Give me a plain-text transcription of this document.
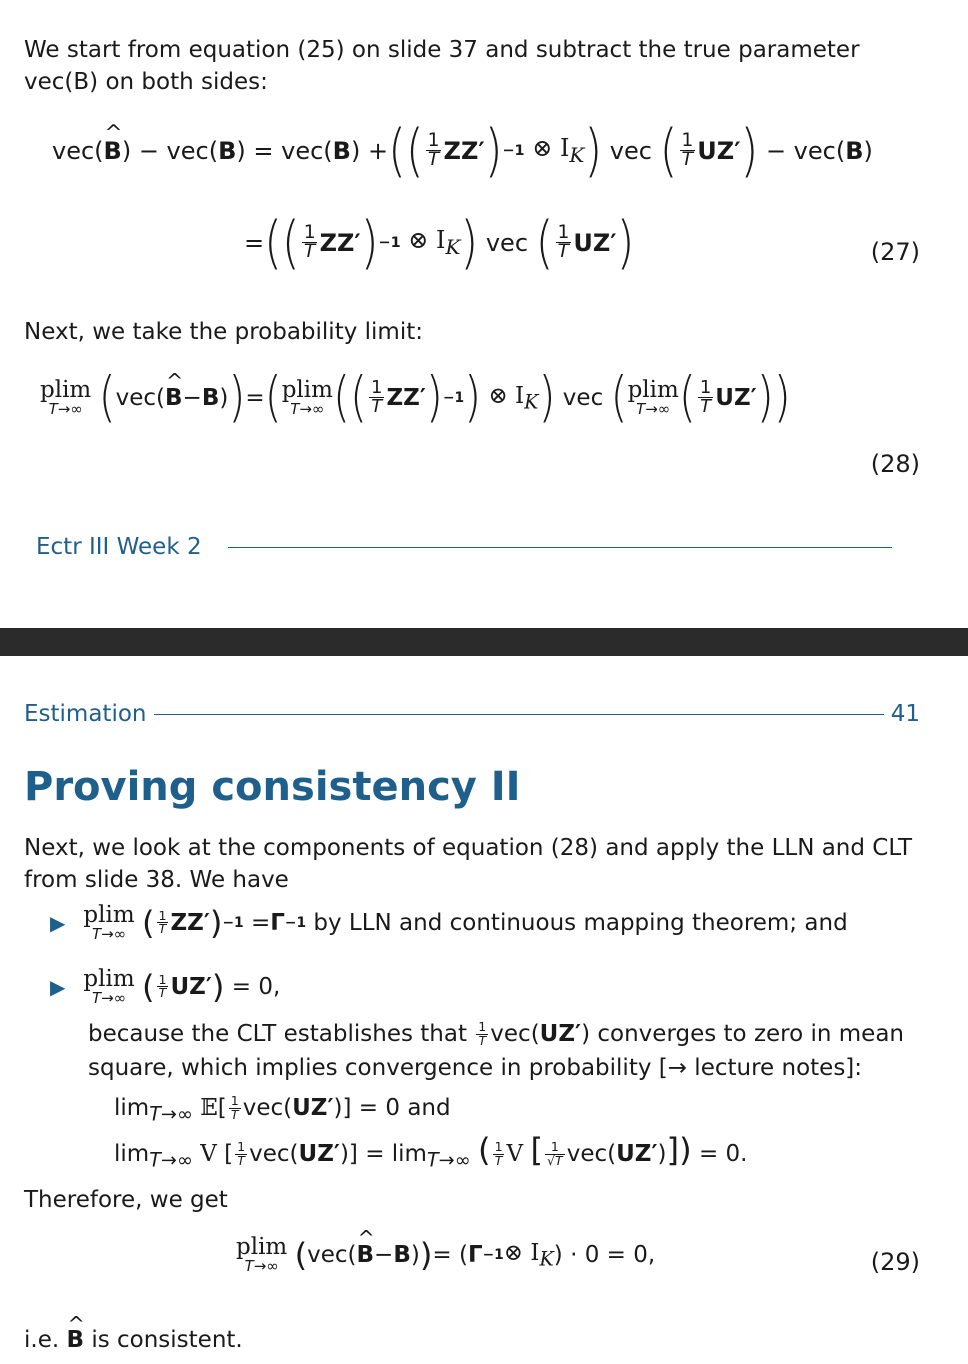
We start from equation (25) on slide 37 and subtract the true parameter
vec(B) on both sides:
vec( ^ B ) − vec( B ) = vec( B ) + (( $\frac{1}{T} ZZ'$ ) −1
⊗ $I_K$ ) vec ( $\frac{1}{T} UZ'$ ) − vec( B )
= (( $\frac{1}{T} ZZ'$ ) −1
⊗ $I_K$ ) vec ( $\frac{1}{T} UZ'$ )	(27)
Next, we take the probability limit:
plim
T→∞
( vec( ^ B − B ) ) = ( plim
T→∞ (( $\frac{1}{T} ZZ'$ ) −1 )
⊗ $I_K$ ) vec ( plim
T→∞ ( $\frac{1}{T} UZ'$ ))
(28)
Ectr III Week 2
Estimation	41
Proving consistency II
Next, we look at the components of equation (28) and apply the LLN and CLT
from slide 38. We have
▶ plim
T→∞
( $\frac{1}{T} ZZ'$ ) −1 = Γ −1
by LLN and continuous mapping theorem; and
▶ plim
T→∞
( $\frac{1}{T} UZ'$ ) = 0,
because the CLT establishes that $\frac{1}{T} vec(UZ')$ converges to zero in mean
square, which implies convergence in probability [→ lecture notes]:
$\lim_{T\to\infty}$ 𝔼[ $\frac{1}{T} vec(UZ')] = 0$ and
$\lim_{T\to\infty} V$ [ $\frac{1}{T} vec(UZ')] = \lim_{T\to\infty}$ ( $\frac{1}{T}$ V [ $\frac{1}{√T} vec(UZ')]) = 0$.
Therefore, we get
plim
T→∞
( vec( ^ B − B ) ) = ( Γ −1 ⊗ $I_K$ ) · 0 = 0,	(29)
i.e. ^ B is consistent.
